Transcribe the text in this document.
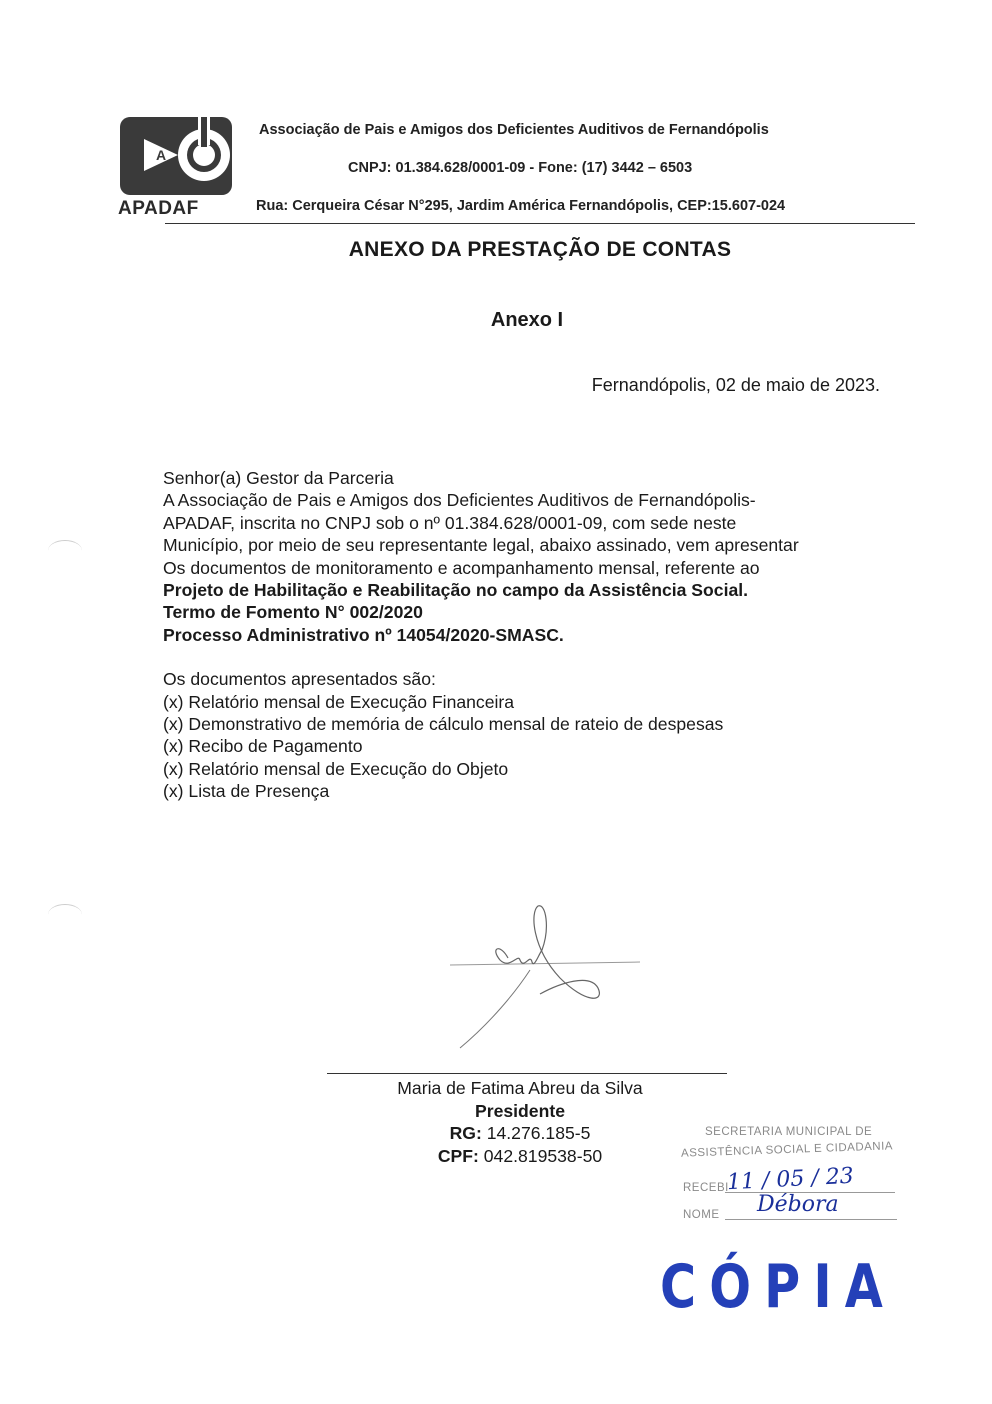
A
APADAF
Associação de Pais e Amigos dos Deficientes Auditivos de Fernandópolis
CNPJ: 01.384.628/0001-09 - Fone: (17) 3442 – 6503
Rua: Cerqueira César N°295, Jardim América Fernandópolis, CEP:15.607-024
ANEXO DA PRESTAÇÃO DE CONTAS
Anexo I
Fernandópolis, 02 de maio de 2023.

Senhor(a) Gestor da Parceria

A Associação de Pais e Amigos dos Deficientes Auditivos de Fernandópolis-

APADAF, inscrita no CNPJ sob o nº 01.384.628/0001-09, com sede neste

Município, por meio de seu representante legal, abaixo assinado, vem apresentar

Os documentos de monitoramento e acompanhamento mensal, referente ao

Projeto de Habilitação e Reabilitação no campo da Assistência Social.

Termo de Fomento N° 002/2020

Processo Administrativo nº 14054/2020-SMASC.

Os documentos apresentados são:

(x) Relatório mensal de Execução Financeira

(x) Demonstrativo de memória de cálculo mensal de rateio de despesas

(x) Recibo de Pagamento

(x) Relatório mensal de Execução do Objeto

(x) Lista de Presença

Maria de Fatima Abreu da Silva

Presidente

RG: 14.276.185-5

CPF: 042.819538-50

SECRETARIA MUNICIPAL DE
ASSISTÊNCIA SOCIAL E CIDADANIA
RECEBI
11 / 05 / 23
NOME Débora
CÓPIA
